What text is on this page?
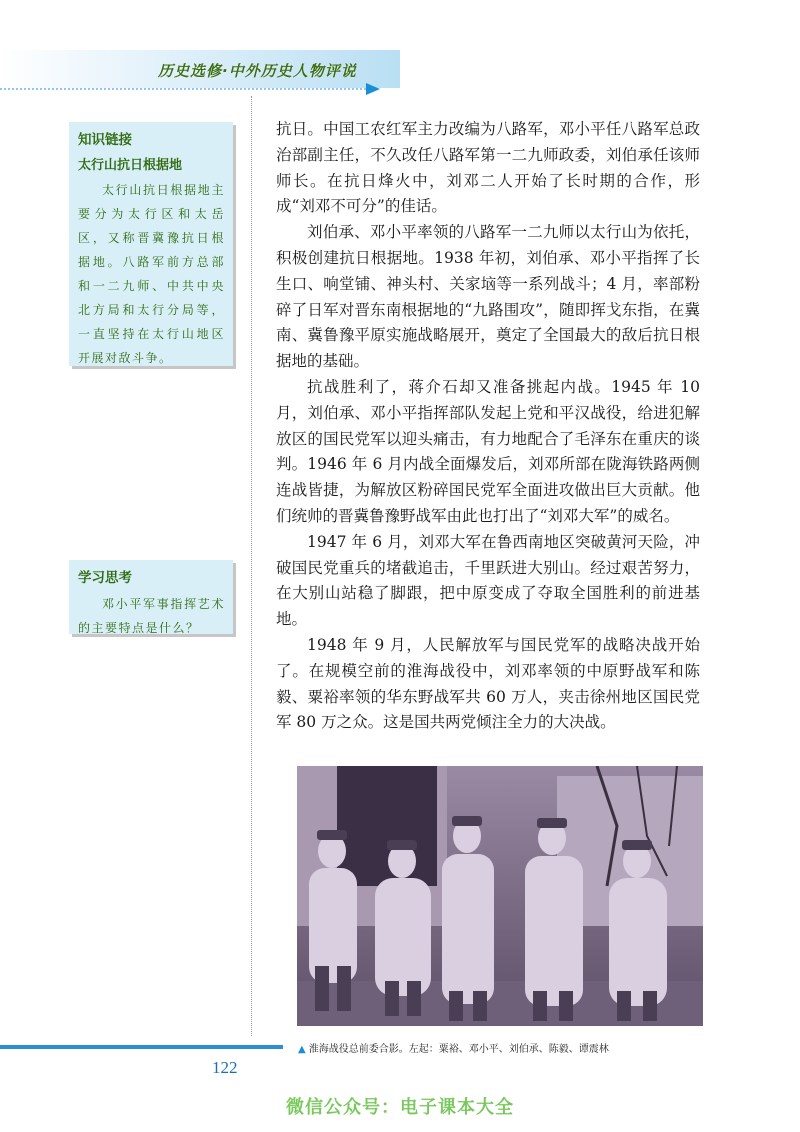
历史选修·中外历史人物评说
知识链接
太行山抗日根据地

太行山抗日根据地主要分为太行区和太岳区，又称晋冀豫抗日根据地。八路军前方总部和一二九师、中共中央北方局和太行分局等，一直坚持在太行山地区开展对敌斗争。

学习思考

邓小平军事指挥艺术的主要特点是什么？

抗日。中国工农红军主力改编为八路军，邓小平任八路军总政治部副主任，不久改任八路军第一二九师政委，刘伯承任该师师长。在抗日烽火中，刘邓二人开始了长时期的合作，形成“刘邓不可分”的佳话。

刘伯承、邓小平率领的八路军一二九师以太行山为依托，积极创建抗日根据地。1938 年初，刘伯承、邓小平指挥了长生口、响堂铺、神头村、关家垴等一系列战斗；4 月，率部粉碎了日军对晋东南根据地的“九路围攻”，随即挥戈东指，在冀南、冀鲁豫平原实施战略展开，奠定了全国最大的敌后抗日根据地的基础。

抗战胜利了，蒋介石却又准备挑起内战。1945 年 10 月，刘伯承、邓小平指挥部队发起上党和平汉战役，给进犯解放区的国民党军以迎头痛击，有力地配合了毛泽东在重庆的谈判。1946 年 6 月内战全面爆发后，刘邓所部在陇海铁路两侧连战皆捷，为解放区粉碎国民党军全面进攻做出巨大贡献。他们统帅的晋冀鲁豫野战军由此也打出了“刘邓大军”的威名。

1947 年 6 月，刘邓大军在鲁西南地区突破黄河天险，冲破国民党重兵的堵截追击，千里跃进大别山。经过艰苦努力，在大别山站稳了脚跟，把中原变成了夺取全国胜利的前进基地。

1948 年 9 月，人民解放军与国民党军的战略决战开始了。在规模空前的淮海战役中，刘邓率领的中原野战军和陈毅、粟裕率领的华东野战军共 60 万人，夹击徐州地区国民党军 80 万之众。这是国共两党倾注全力的大决战。

▲ 淮海战役总前委合影。左起：粟裕、邓小平、刘伯承、陈毅、谭震林
122
微信公众号：电子课本大全
